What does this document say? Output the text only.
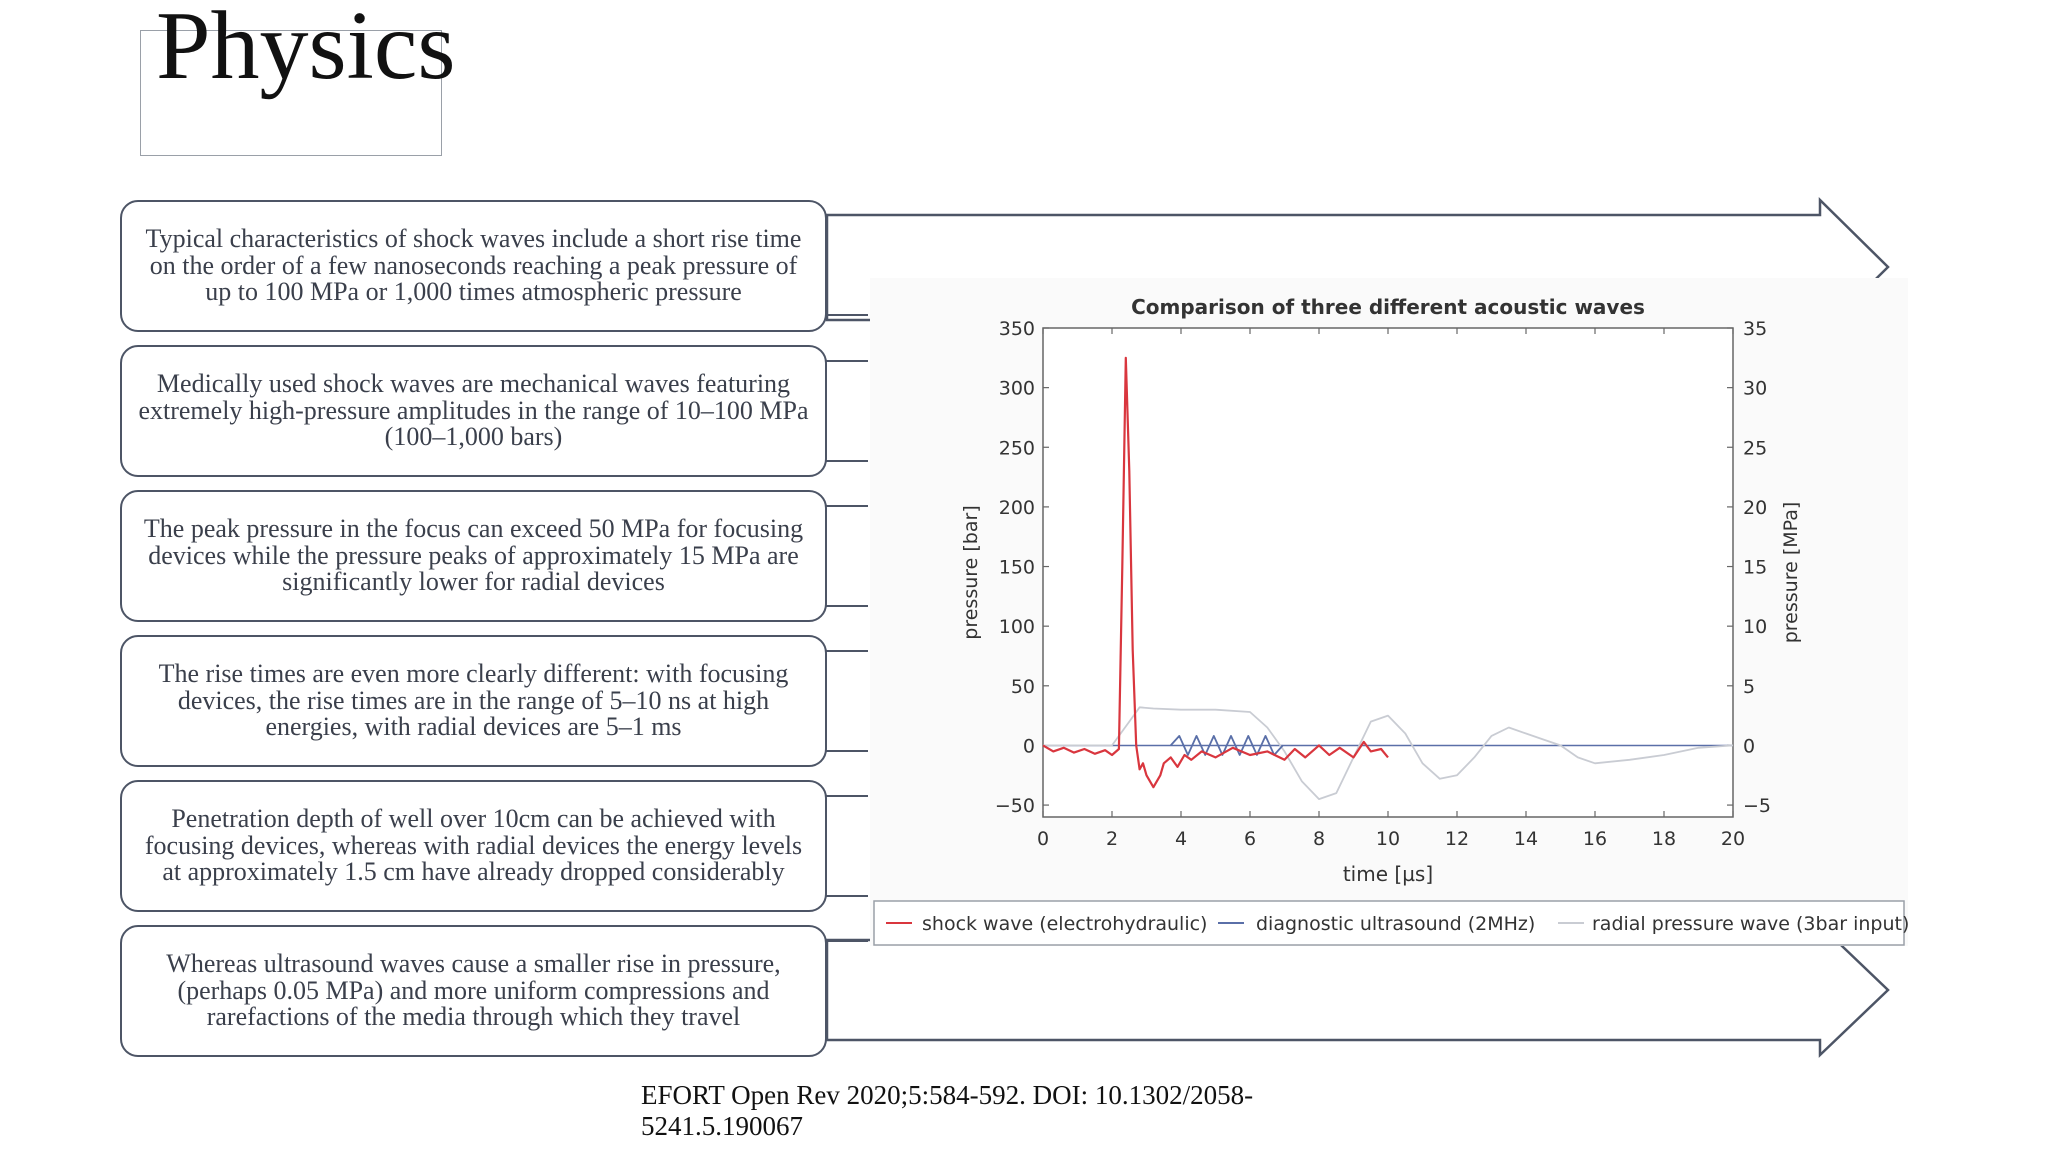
Physics
Typical characteristics of shock waves include a short rise time on the order of a few nanoseconds reaching a peak pressure of up to 100 MPa or 1,000 times atmospheric pressure
Medically used shock waves are mechanical waves featuring extremely high-pressure amplitudes in the range of 10–100 MPa (100–1,000 bars)
The peak pressure in the focus can exceed 50 MPa for focusing devices while the pressure peaks of approximately 15 MPa are significantly lower for radial devices
The rise times are even more clearly different: with focusing devices, the rise times are in the range of 5–10 ns at high energies, with radial devices are 5–1 ms
Penetration depth of well over 10cm can be achieved with focusing devices, whereas with radial devices the energy levels at approximately 1.5 cm have already dropped considerably
Whereas ultrasound waves cause a smaller rise in pressure, (perhaps 0.05 MPa) and more uniform compressions and rarefactions of the media through which they travel
0	2	4	6	8	10 12 14 16 18 20
−50
0
50
100
150
200
250
300
350
−5
0
5
10
15
20
25
30
35
Comparison of three different acoustic waves
time [µs]
pressure [bar]	pressure [MPa]
shock wave (electrohydraulic)	diagnostic ultrasound (2MHz)	radial pressure wave (3bar input)
EFORT Open Rev 2020;5:584-592. DOI: 10.1302/2058-5241.5.190067
